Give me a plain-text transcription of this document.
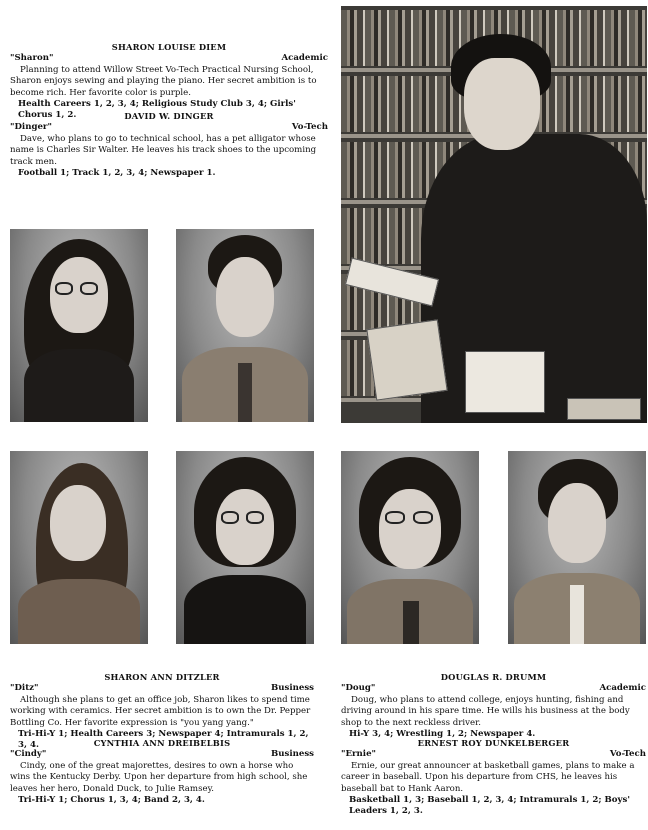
SHARON LOUISE DIEM
"Sharon"	Academic
Planning to attend Willow Street Vo-Tech Practical Nursing School, Sharon enjoys sewing and playing the piano. Her secret ambition is to become rich. Her favorite color is purple.
Health Careers 1, 2, 3, 4; Religious Study Club 3, 4; Girls' Chorus 1, 2.	DAVID W. DINGER
"Dinger"	Vo-Tech
Dave, who plans to go to technical school, has a pet alligator whose name is Charles Sir Walter. He leaves his track shoes to the upcoming track men.
Football 1; Track 1, 2, 3, 4; Newspaper 1.
SHARON ANN DITZLER
"Ditz"	Business
Although she plans to get an office job, Sharon likes to spend time working with ceramics. Her secret ambition is to own the Dr. Pepper Bottling Co. Her favorite expression is "you yang yang."
Tri-Hi-Y 1; Health Careers 3; Newspaper 4; Intramurals 1, 2, 3, 4.	CYNTHIA ANN DREIBELBIS
"Cindy"	Business
Cindy, one of the great majorettes, desires to own a horse who wins the Kentucky Derby. Upon her departure from high school, she leaves her hero, Donald Duck, to Julie Ramsey.
Tri-Hi-Y 1; Chorus 1, 3, 4; Band 2, 3, 4.
DOUGLAS R. DRUMM
"Doug"	Academic
Doug, who plans to attend college, enjoys hunting, fishing and driving around in his spare time. He wills his business at the body shop to the next reckless driver.
Hi-Y 3, 4; Wrestling 1, 2; Newspaper 4.
ERNEST ROY DUNKELBERGER
"Ernie"	Vo-Tech
Ernie, our great announcer at basketball games, plans to make a career in baseball. Upon his departure from CHS, he leaves his baseball bat to Hank Aaron.
Basketball 1, 3; Baseball 1, 2, 3, 4; Intramurals 1, 2; Boys' Leaders 1, 2, 3.
